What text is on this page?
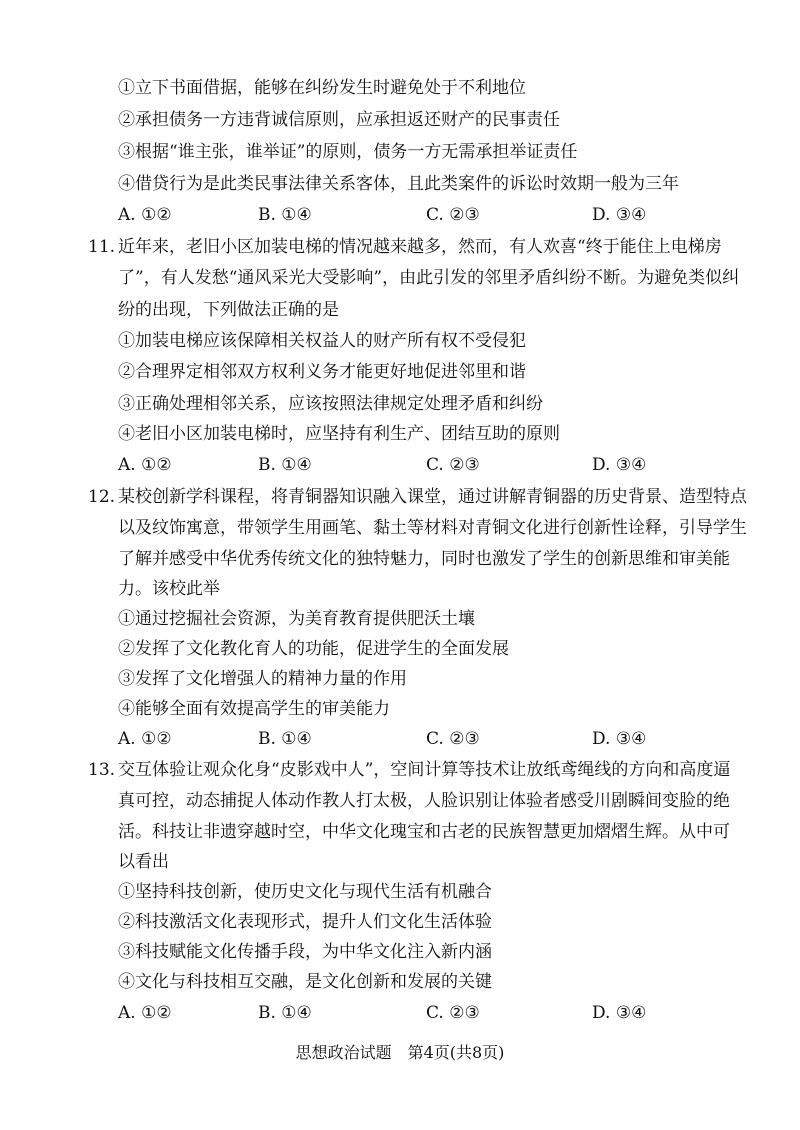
①立下书面借据，能够在纠纷发生时避免处于不利地位
②承担债务一方违背诚信原则，应承担返还财产的民事责任
③根据“谁主张，谁举证”的原则，债务一方无需承担举证责任
④借贷行为是此类民事法律关系客体，且此类案件的诉讼时效期一般为三年
A. ①②	B. ①④	C. ②③	D. ③④
11. 近年来，老旧小区加装电梯的情况越来越多，然而，有人欢喜“终于能住上电梯房
了”，有人发愁“通风采光大受影响”，由此引发的邻里矛盾纠纷不断。为避免类似纠
纷的出现，下列做法正确的是
①加装电梯应该保障相关权益人的财产所有权不受侵犯
②合理界定相邻双方权利义务才能更好地促进邻里和谐
③正确处理相邻关系，应该按照法律规定处理矛盾和纠纷
④老旧小区加装电梯时，应坚持有利生产、团结互助的原则
A. ①②	B. ①④	C. ②③	D. ③④
12. 某校创新学科课程，将青铜器知识融入课堂，通过讲解青铜器的历史背景、造型特点
以及纹饰寓意，带领学生用画笔、黏土等材料对青铜文化进行创新性诠释，引导学生
了解并感受中华优秀传统文化的独特魅力，同时也激发了学生的创新思维和审美能
力。该校此举
①通过挖掘社会资源，为美育教育提供肥沃土壤
②发挥了文化教化育人的功能，促进学生的全面发展
③发挥了文化增强人的精神力量的作用
④能够全面有效提高学生的审美能力
A. ①②	B. ①④	C. ②③	D. ③④
13. 交互体验让观众化身“皮影戏中人”，空间计算等技术让放纸鸢绳线的方向和高度逼
真可控，动态捕捉人体动作教人打太极，人脸识别让体验者感受川剧瞬间变脸的绝
活。科技让非遗穿越时空，中华文化瑰宝和古老的民族智慧更加熠熠生辉。从中可
以看出
①坚持科技创新，使历史文化与现代生活有机融合
②科技激活文化表现形式，提升人们文化生活体验
③科技赋能文化传播手段，为中华文化注入新内涵
④文化与科技相互交融，是文化创新和发展的关键
A. ①②	B. ①④	C. ②③	D. ③④
思想政治试题 第4页(共8页)
